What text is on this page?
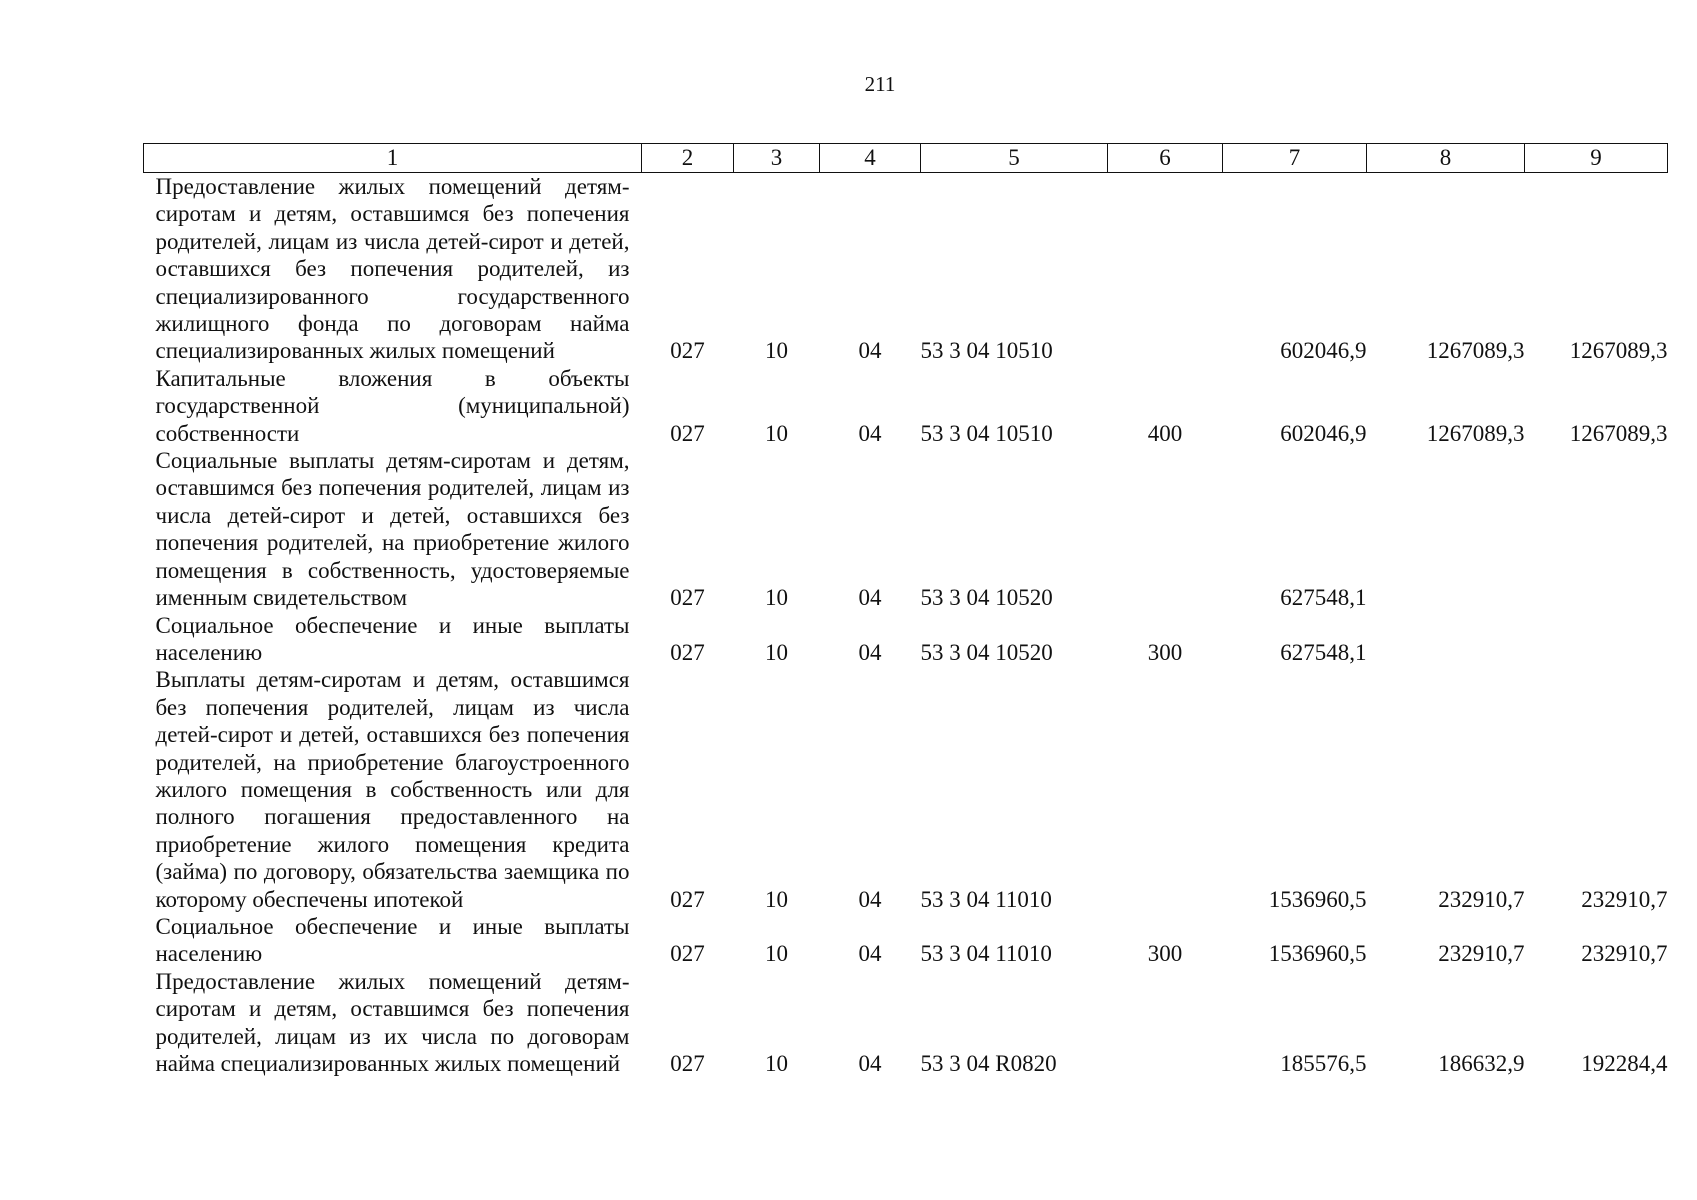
211
1	2	3	4	5	6	7	8	9
Предоставление жилых помещений детям-сиротам и детям, оставшимся без попечения родителей, лицам из числа детей-сирот и детей, оставшихся без попечения родителей, из специализированного государственного жилищного фонда по договорам найма специализированных жилых помещений	027	10	04	53 3 04 10510		602046,9	1267089,3	1267089,3
Капитальные вложения в объекты государственной (муниципальной) собственности	027	10	04	53 3 04 10510	400	602046,9	1267089,3	1267089,3
Социальные выплаты детям-сиротам и детям, оставшимся без попечения родителей, лицам из числа детей-сирот и детей, оставшихся без попечения родителей, на приобретение жилого помещения в собственность, удостоверяемые именным свидетельством	027	10	04	53 3 04 10520		627548,1		
Социальное обеспечение и иные выплаты населению	027	10	04	53 3 04 10520	300	627548,1		
Выплаты детям-сиротам и детям, оставшимся без попечения родителей, лицам из числа детей-сирот и детей, оставшихся без попечения родителей, на приобретение благоустроенного жилого помещения в собственность или для полного погашения предоставленного на приобретение жилого помещения кредита (займа) по договору, обязательства заемщика по которому обеспечены ипотекой	027	10	04	53 3 04 11010		1536960,5	232910,7	232910,7
Социальное обеспечение и иные выплаты населению	027	10	04	53 3 04 11010	300	1536960,5	232910,7	232910,7
Предоставление жилых помещений детям-сиротам и детям, оставшимся без попечения родителей, лицам из их числа по договорам найма специализированных жилых помещений	027	10	04	53 3 04 R0820		185576,5	186632,9	192284,4
